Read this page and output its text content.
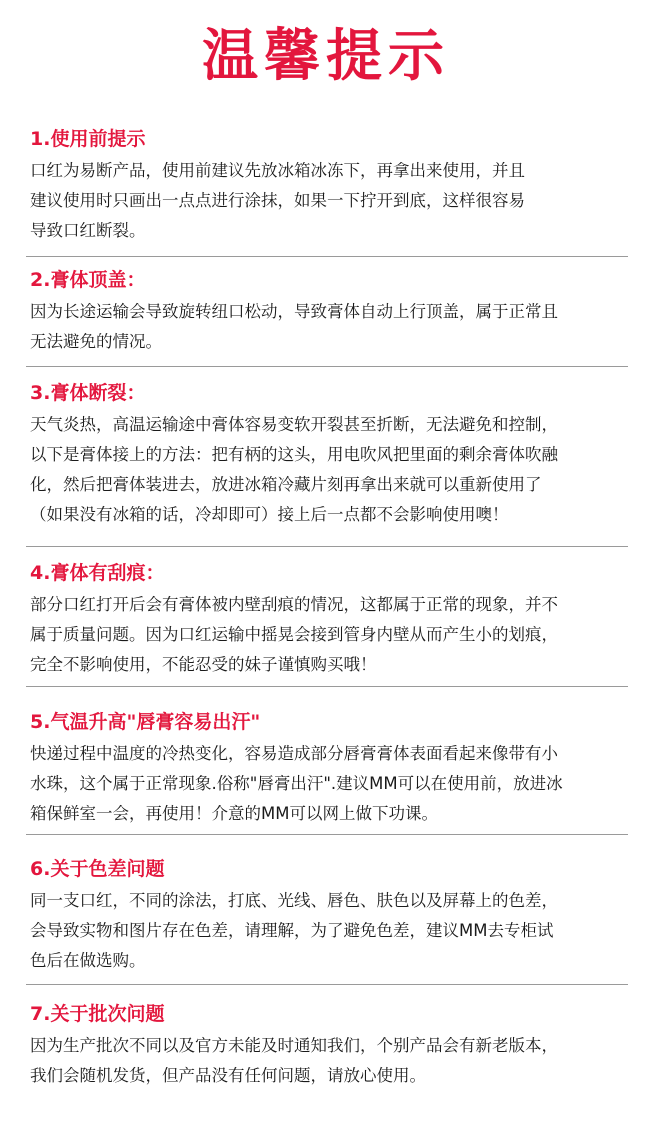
温馨提示
1.使用前提示
口红为易断产品，使用前建议先放冰箱冰冻下，再拿出来使用，并且
建议使用时只画出一点点进行涂抹，如果一下拧开到底，这样很容易
导致口红断裂。
2.膏体顶盖：
因为长途运输会导致旋转纽口松动，导致膏体自动上行顶盖，属于正常且
无法避免的情况。
3.膏体断裂：
天气炎热，高温运输途中膏体容易变软开裂甚至折断，无法避免和控制，
以下是膏体接上的方法：把有柄的这头，用电吹风把里面的剩余膏体吹融
化，然后把膏体装进去，放进冰箱冷藏片刻再拿出来就可以重新使用了
（如果没有冰箱的话，冷却即可）接上后一点都不会影响使用噢！
4.膏体有刮痕：
部分口红打开后会有膏体被内壁刮痕的情况，这都属于正常的现象，并不
属于质量问题。因为口红运输中摇晃会接到管身内壁从而产生小的划痕，
完全不影响使用，不能忍受的妹子谨慎购买哦！
5.气温升高"唇膏容易出汗"
快递过程中温度的冷热变化，容易造成部分唇膏膏体表面看起来像带有小
水珠，这个属于正常现象.俗称"唇膏出汗".建议MM可以在使用前，放进冰
箱保鲜室一会，再使用！介意的MM可以网上做下功课。
6.关于色差问题
同一支口红，不同的涂法，打底、光线、唇色、肤色以及屏幕上的色差，
会导致实物和图片存在色差，请理解，为了避免色差，建议MM去专柜试
色后在做选购。
7.关于批次问题
因为生产批次不同以及官方未能及时通知我们，个别产品会有新老版本，
我们会随机发货，但产品没有任何问题，请放心使用。
